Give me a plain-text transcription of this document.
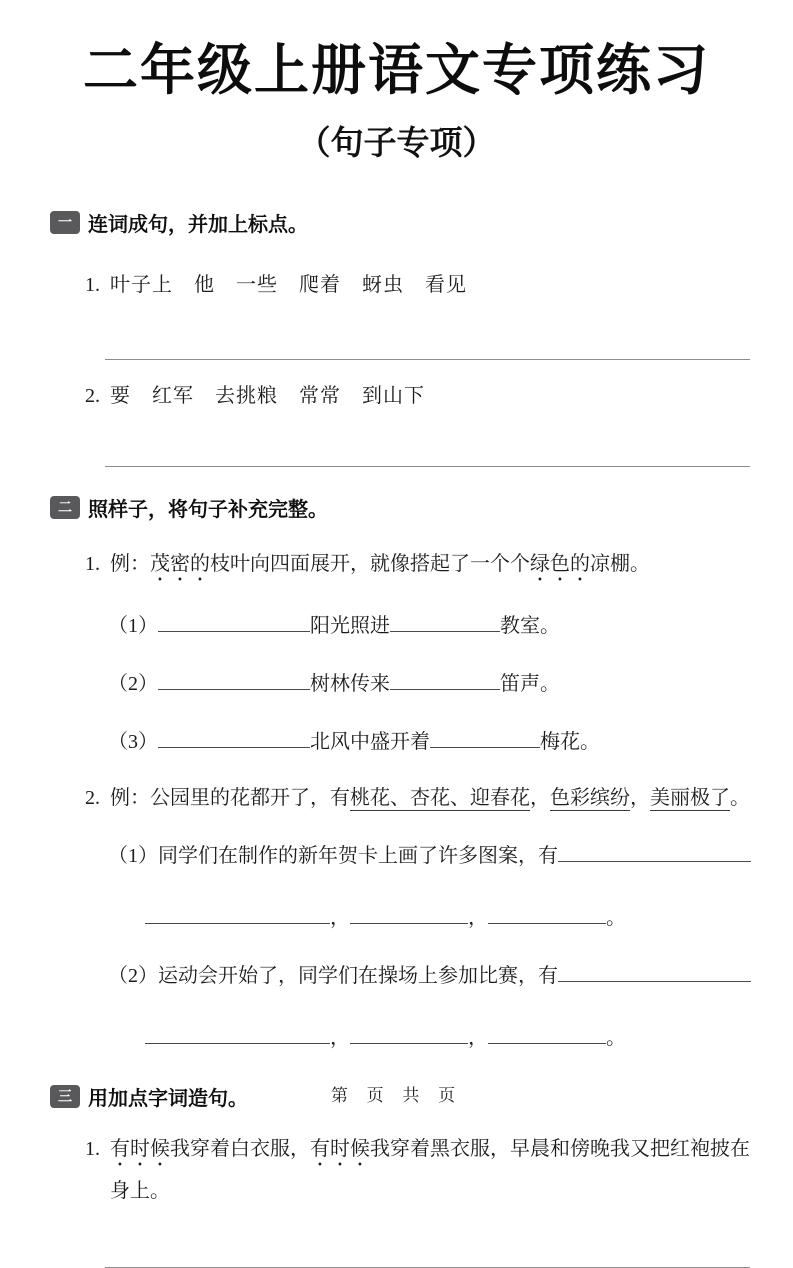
二年级上册语文专项练习
（句子专项）
一 连词成句，并加上标点。
1. 叶子上　他　一些　爬着　蚜虫　看见
2. 要　红军　去挑粮　常常　到山下
二 照样子，将句子补充完整。
1. 例：茂密的枝叶向四面展开，就像搭起了一个个绿色的凉棚。
（1）	阳光照进	教室。
（2）	树林传来	笛声。
（3）	北风中盛开着	梅花。
2. 例：公园里的花都开了，有桃花、杏花、迎春花，色彩缤纷，美丽极了。
（1） 同学们在制作的新年贺卡上画了许多图案，有
，	，	。
（2） 运动会开始了，同学们在操场上参加比赛，有
，	，	。
三 用加点字词造句。
1. 有时候我穿着白衣服，有时候我穿着黑衣服，早晨和傍晚我又把红袍披在身上。
第 页 共 页
